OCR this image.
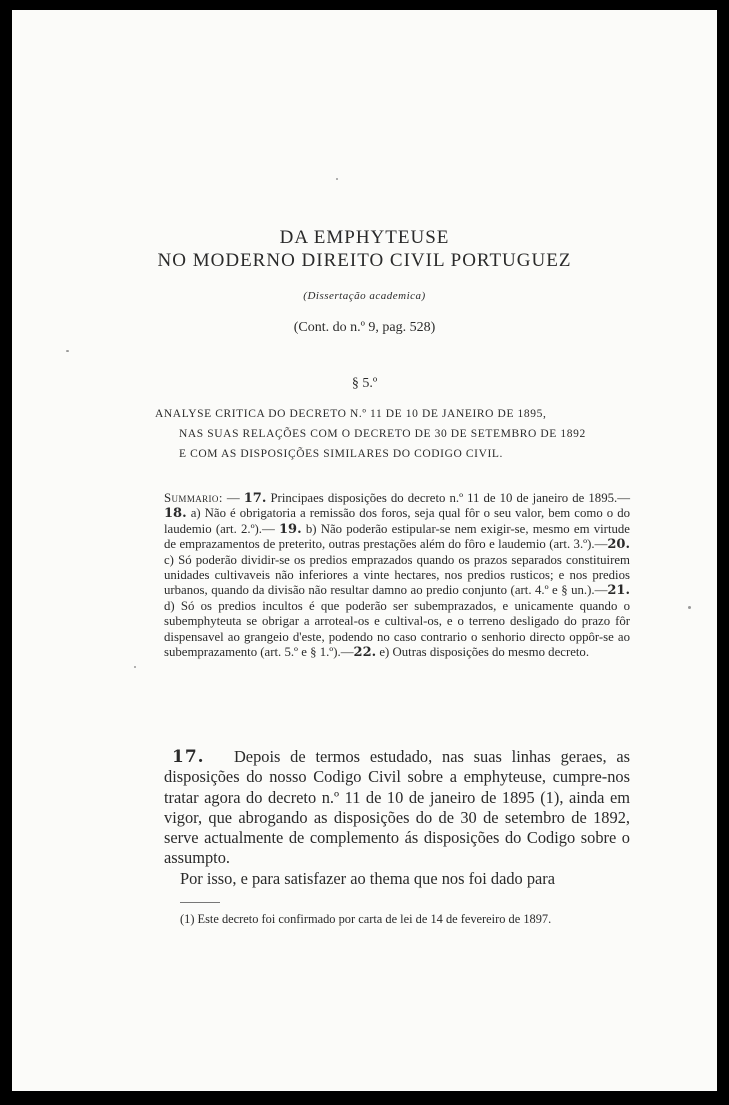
DA EMPHYTEUSE
NO MODERNO DIREITO CIVIL PORTUGUEZ
(Dissertação academica)
(Cont. do n.º 9, pag. 528)
§ 5.º
ANALYSE CRITICA DO DECRETO N.º 11 DE 10 DE JANEIRO DE 1895,
NAS SUAS RELAÇÕES COM O DECRETO DE 30 DE SETEMBRO DE 1892
E COM AS DISPOSIÇÕES SIMILARES DO CODIGO CIVIL.
Summario: — 17. Principaes disposições do decreto n.º 11 de 10 de janeiro de 1895.—18. a) Não é obrigatoria a remissão dos foros, seja qual fôr o seu valor, bem como o do laudemio (art. 2.º).— 19. b) Não poderão estipular-se nem exigir-se, mesmo em virtude de emprazamentos de preterito, outras prestações além do fôro e laudemio (art. 3.º).—20. c) Só poderão dividir-se os predios emprazados quando os prazos separados constituirem unidades cultivaveis não inferiores a vinte hectares, nos predios rusticos; e nos predios urbanos, quando da divisão não resultar damno ao predio conjunto (art. 4.º e § un.).—21. d) Só os predios incultos é que poderão ser subemprazados, e unicamente quando o subemphyteuta se obrigar a arroteal-os e cultival-os, e o terreno desligado do prazo fôr dispensavel ao grangeio d'este, podendo no caso contrario o senhorio directo oppôr-se ao subemprazamento (art. 5.º e § 1.º).—22. e) Outras disposições do mesmo decreto.
17. Depois de termos estudado, nas suas linhas geraes, as disposições do nosso Codigo Civil sobre a emphyteuse, cumpre-nos tratar agora do decreto n.º 11 de 10 de janeiro de 1895 (1), ainda em vigor, que abrogando as disposições do de 30 de setembro de 1892, serve actualmente de complemento ás disposições do Codigo sobre o assumpto.
Por isso, e para satisfazer ao thema que nos foi dado para
(1) Este decreto foi confirmado por carta de lei de 14 de fevereiro de 1897.
